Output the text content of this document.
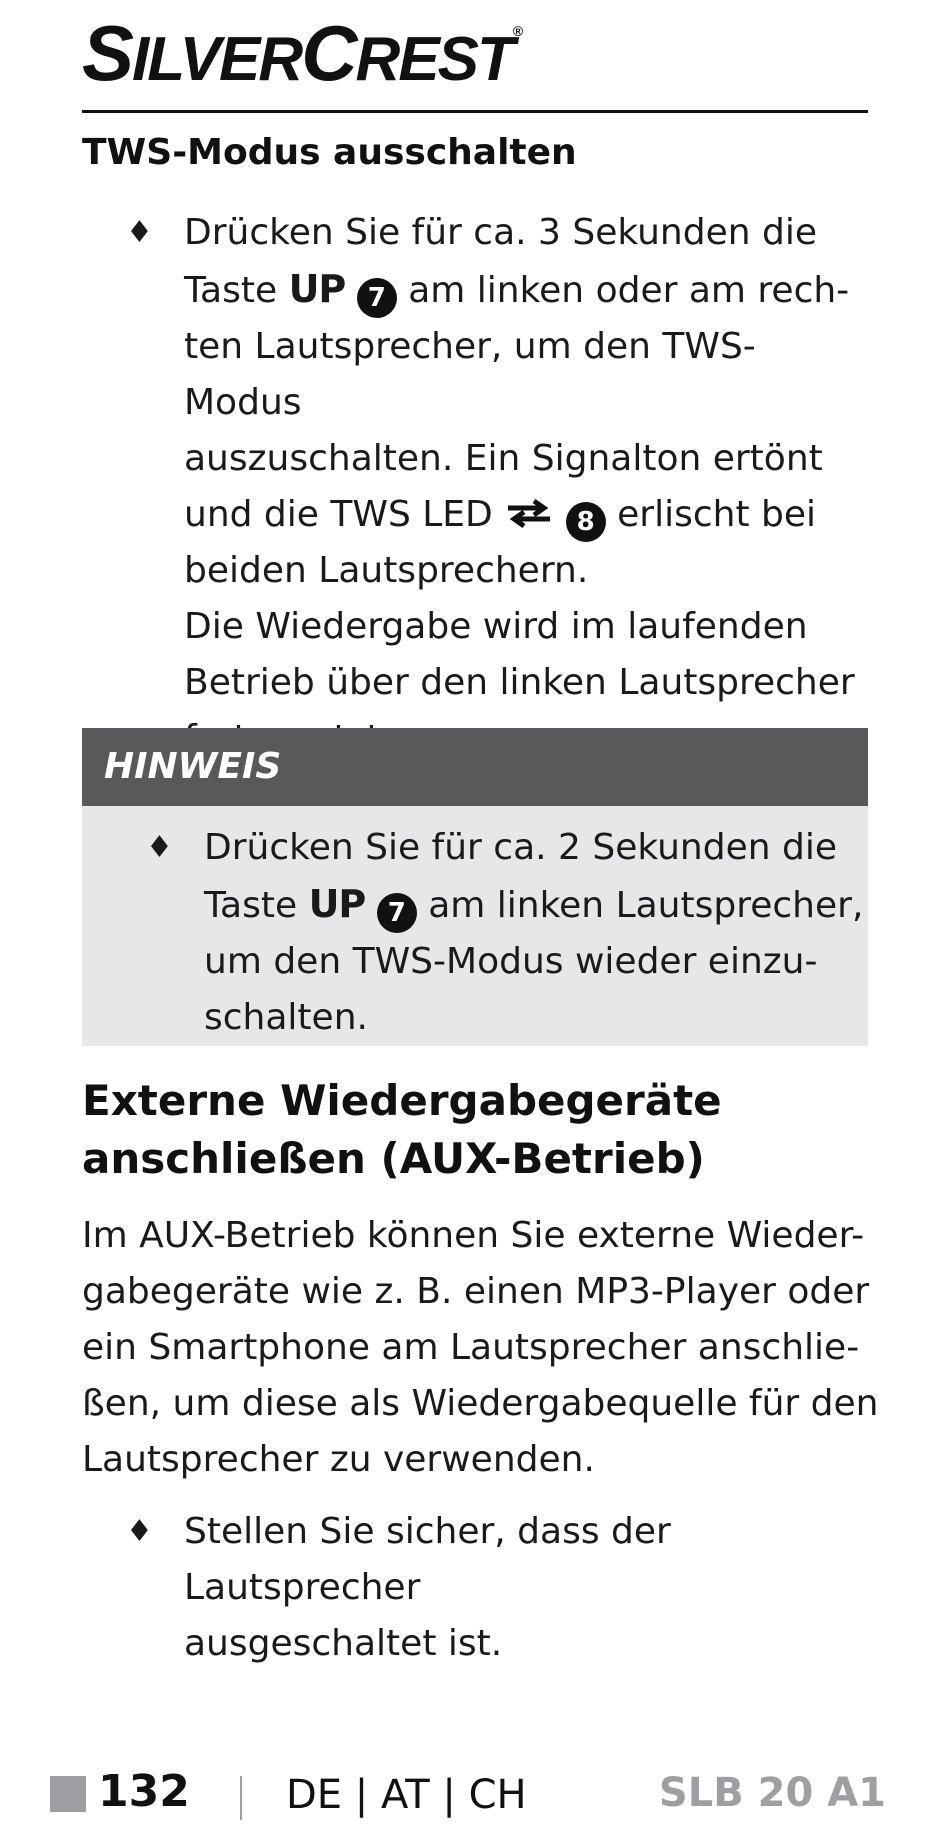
SILVERCREST®
TWS-Modus ausschalten
♦ Drücken Sie für ca. 3 Sekunden die
Taste UP 7 am linken oder am rech-
ten Lautsprecher, um den TWS-Modus
auszuschalten. Ein Signalton ertönt
und die TWS LED	8 erlischt bei
beiden Lautsprechern.
Die Wiedergabe wird im laufenden
Betrieb über den linken Lautsprecher
HINWEIS
♦ Drücken Sie für ca. 2 Sekunden die
Taste UP 7 am linken Lautsprecher,
um den TWS-Modus wieder einzu-
schalten.
Externe Wiedergabegeräte
anschließen (AUX-Betrieb)
Im AUX-Betrieb können Sie externe Wieder-
gabegeräte wie z. B. einen MP3-Player oder
ein Smartphone am Lautsprecher anschlie-
ßen, um diese als Wiedergabequelle für den
Lautsprecher zu verwenden.
♦ Stellen Sie sicher, dass der Lautsprecher
ausgeschaltet ist.
132 DE | AT | CH	SLB 20 A1
